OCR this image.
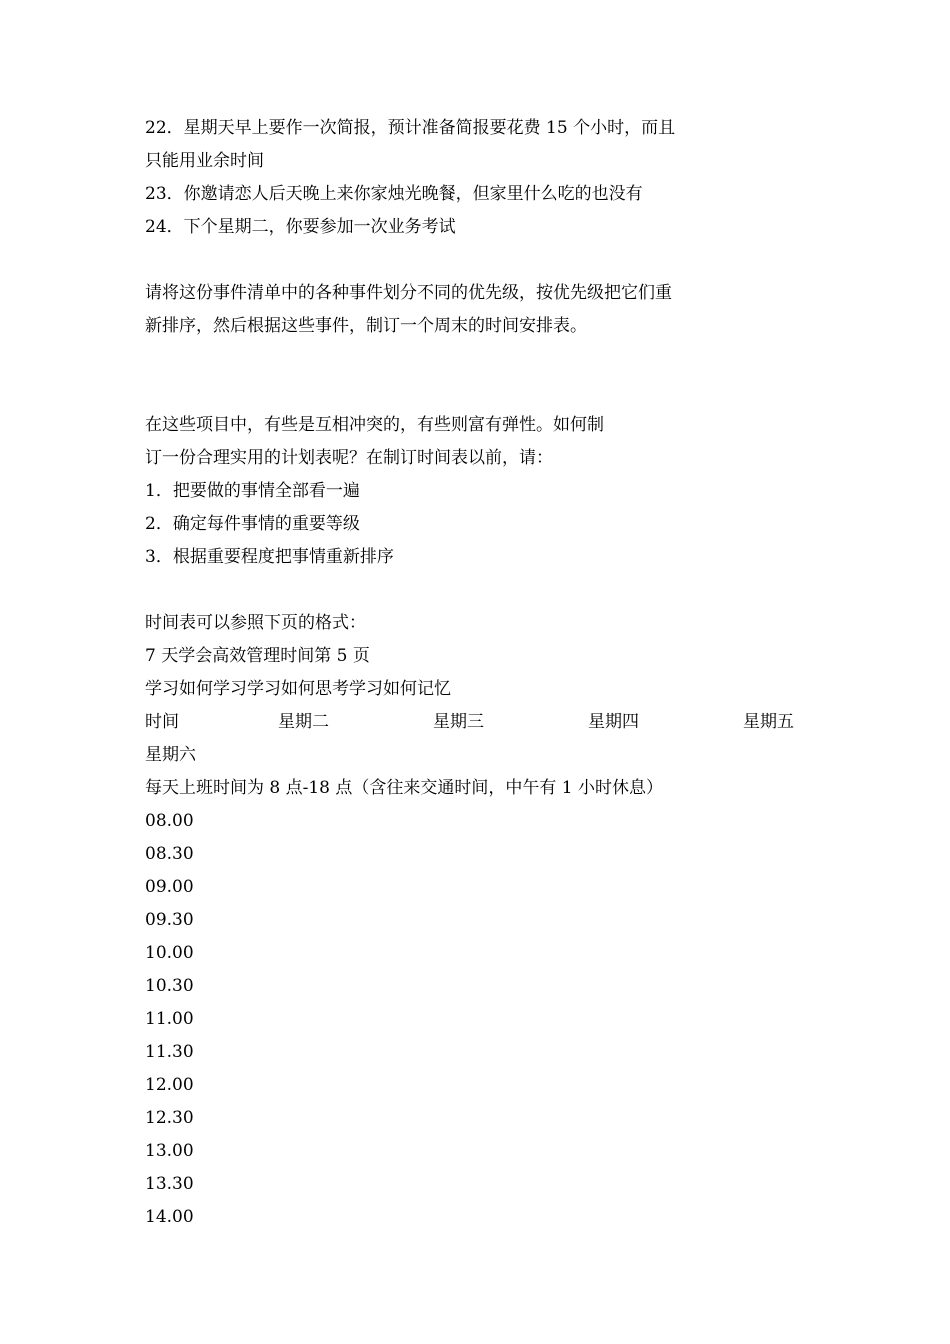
22．星期天早上要作一次简报，预计准备简报要花费 15 个小时，而且
只能用业余时间
23．你邀请恋人后天晚上来你家烛光晚餐，但家里什么吃的也没有
24．下个星期二，你要参加一次业务考试
请将这份事件清单中的各种事件划分不同的优先级，按优先级把它们重
新排序，然后根据这些事件，制订一个周末的时间安排表。
在这些项目中，有些是互相冲突的，有些则富有弹性。如何制
订一份合理实用的计划表呢？在制订时间表以前，请：
1．把要做的事情全部看一遍
2．确定每件事情的重要等级
3．根据重要程度把事情重新排序
时间表可以参照下页的格式：
7 天学会高效管理时间第 5 页
学习如何学习学习如何思考学习如何记忆
时间	星期二	星期三	星期四	星期五
星期六
每天上班时间为 8 点-18 点（含往来交通时间，中午有 1 小时休息）
08.00
08.30
09.00
09.30
10.00
10.30
11.00
11.30
12.00
12.30
13.00
13.30
14.00
